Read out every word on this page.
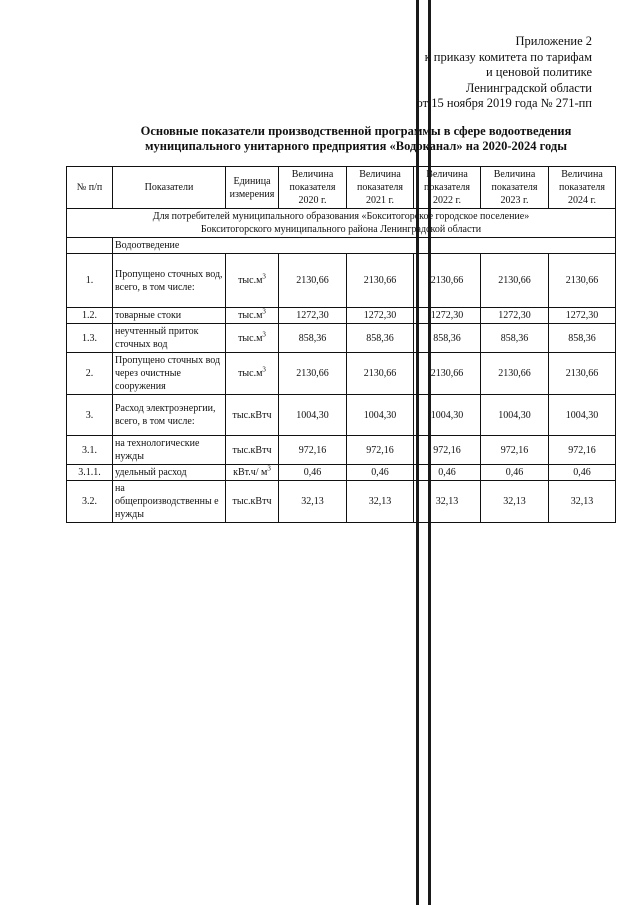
Приложение 2
к приказу комитета по тарифам
и ценовой политике
Ленинградской области
от 15 ноября 2019 года № 271-пп
Основные показатели производственной программы в сфере водоотведения
муниципального унитарного предприятия «Водоканал» на 2020-2024 годы
№ п/п	Показатели	Единица измерения	Величина показателя 2020 г.	Величина показателя 2021 г.	Величина показателя 2022 г.	Величина показателя 2023 г.	Величина показателя 2024 г.

Для потребителей муниципального образования «Бокситогорское городское поселение»
Бокситогорского муниципального района Ленинградской области							

	Водоотведение						
1.	Пропущено сточных вод, всего, в том числе:	$тыс.м^3$	2130,66	2130,66	2130,66	2130,66	2130,66
1.2.	товарные стоки	$тыс.м^3$	1272,30	1272,30	1272,30	1272,30	1272,30
1.3.	неучтенный приток сточных вод	$тыс.м^3$	858,36	858,36	858,36	858,36	858,36
2.	Пропущено сточных вод через очистные сооружения	$тыс.м^3$	2130,66	2130,66	2130,66	2130,66	2130,66
3.	Расход электроэнергии, всего, в том числе:	тыс.кВтч	1004,30	1004,30	1004,30	1004,30	1004,30
3.1.	на технологические нужды	тыс.кВтч	972,16	972,16	972,16	972,16	972,16
3.1.1.	удельный расход	кВт.ч/ $м^3$	0,46	0,46	0,46	0,46	0,46
3.2.	на общепроизводственны е нужды	тыс.кВтч	32,13	32,13	32,13	32,13	32,13
